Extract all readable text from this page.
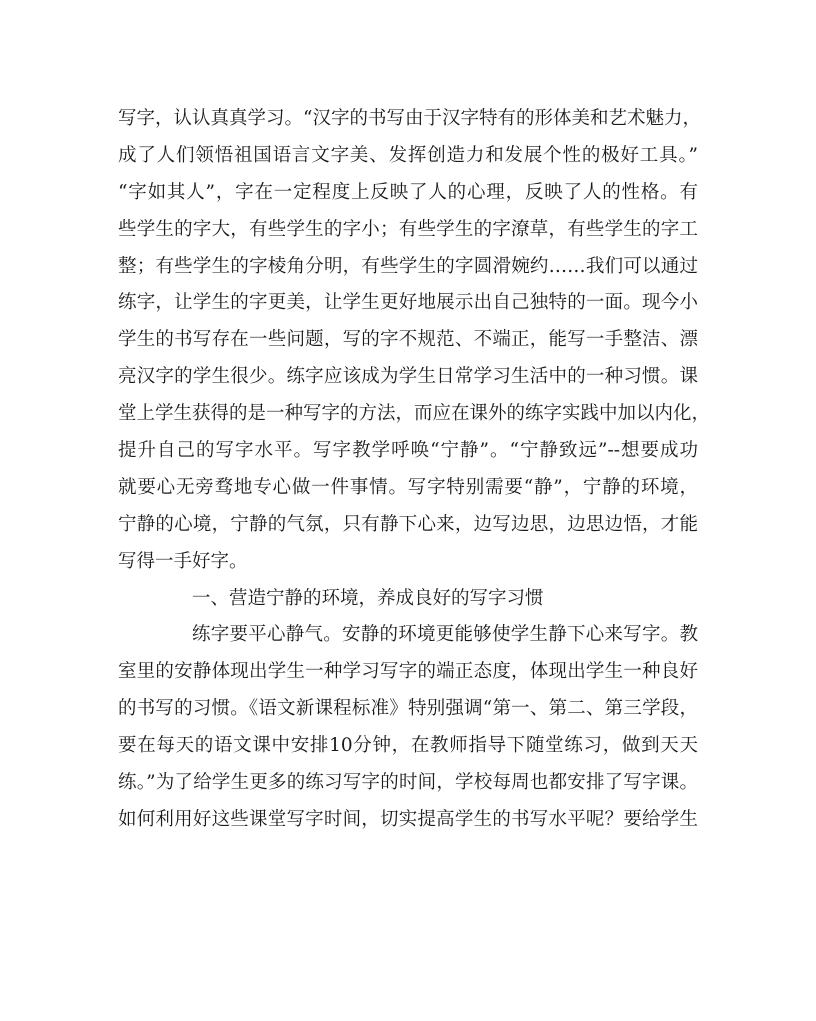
写字，认认真真学习。“汉字的书写由于汉字特有的形体美和艺术魅力，
成了人们领悟祖国语言文字美、发挥创造力和发展个性的极好工具。”
“字如其人”，字在一定程度上反映了人的心理，反映了人的性格。有
些学生的字大，有些学生的字小；有些学生的字潦草，有些学生的字工
整；有些学生的字棱角分明，有些学生的字圆滑婉约……我们可以通过
练字，让学生的字更美，让学生更好地展示出自己独特的一面。现今小
学生的书写存在一些问题，写的字不规范、不端正，能写一手整洁、漂
亮汉字的学生很少。练字应该成为学生日常学习生活中的一种习惯。课
堂上学生获得的是一种写字的方法，而应在课外的练字实践中加以内化，
提升自己的写字水平。写字教学呼唤“宁静”。“宁静致远”--想要成功
就要心无旁骛地专心做一件事情。写字特别需要“静”，宁静的环境，
宁静的心境，宁静的气氛，只有静下心来，边写边思，边思边悟，才能
写得一手好字。
一、营造宁静的环境，养成良好的写字习惯
练字要平心静气。安静的环境更能够使学生静下心来写字。教
室里的安静体现出学生一种学习写字的端正态度，体现出学生一种良好
的书写的习惯。《语文新课程标准》特别强调“第一、第二、第三学段，
要在每天的语文课中安排10分钟，在教师指导下随堂练习，做到天天
练。”为了给学生更多的练习写字的时间，学校每周也都安排了写字课。
如何利用好这些课堂写字时间，切实提高学生的书写水平呢？要给学生
